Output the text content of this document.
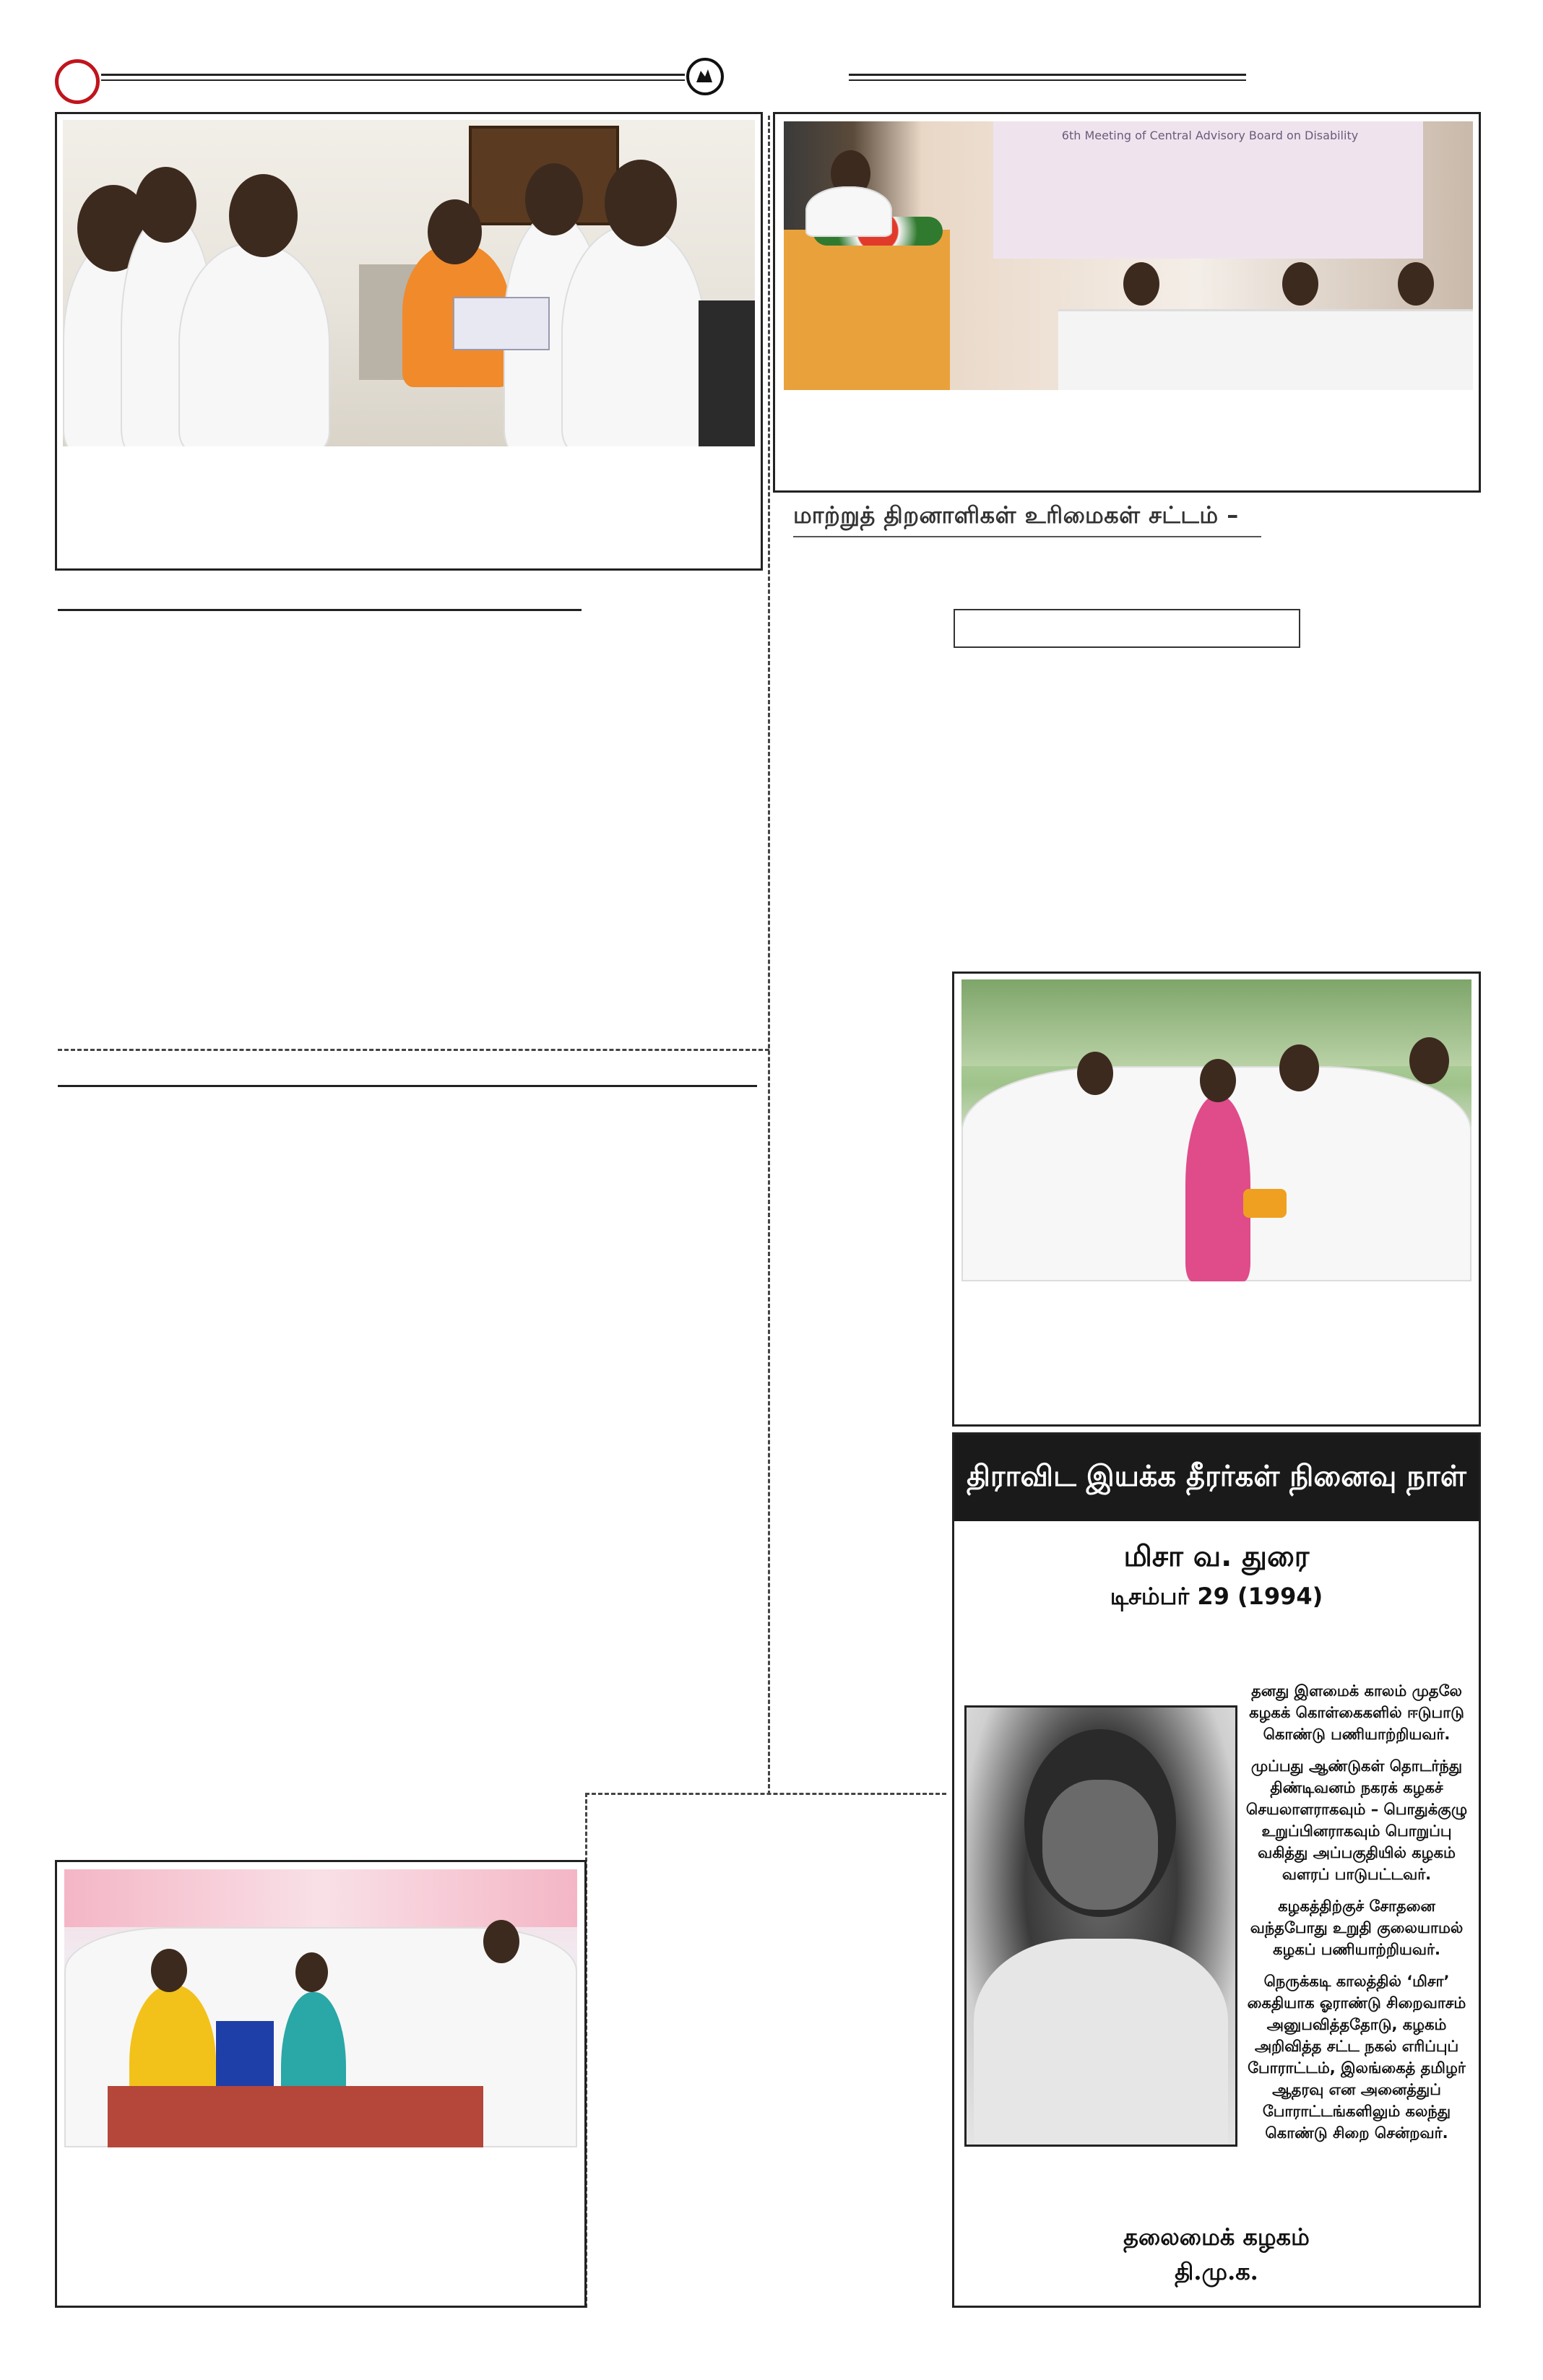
6th Meeting of Central Advisory Board on Disability
மாற்றுத் திறனாளிகள் உரிமைகள் சட்டம் –
திராவிட இயக்க தீரர்கள் நினைவு நாள்
மிசா வ. துரை
டிசம்பர் 29 (1994)

தனது இளமைக் காலம் முதலே கழகக் கொள்கைகளில் ஈடுபாடு கொண்டு பணியாற்றியவர்.

முப்பது ஆண்டுகள் தொடர்ந்து திண்டிவனம் நகரக் கழகச் செயலாளராகவும் – பொதுக்குழு உறுப்பினராகவும் பொறுப்பு வகித்து அப்பகுதியில் கழகம் வளரப் பாடுபட்டவர்.

கழகத்திற்குச் சோதனை வந்தபோது உறுதி குலையாமல் கழகப் பணியாற்றியவர்.

நெருக்கடி காலத்தில் ‘மிசா’ கைதியாக ஓராண்டு சிறைவாசம் அனுபவித்ததோடு, கழகம் அறிவித்த சட்ட நகல் எரிப்புப் போராட்டம், இலங்கைத் தமிழர் ஆதரவு என அனைத்துப் போராட்டங்களிலும் கலந்து கொண்டு சிறை சென்றவர்.

தலைமைக் கழகம்
தி.மு.க.
